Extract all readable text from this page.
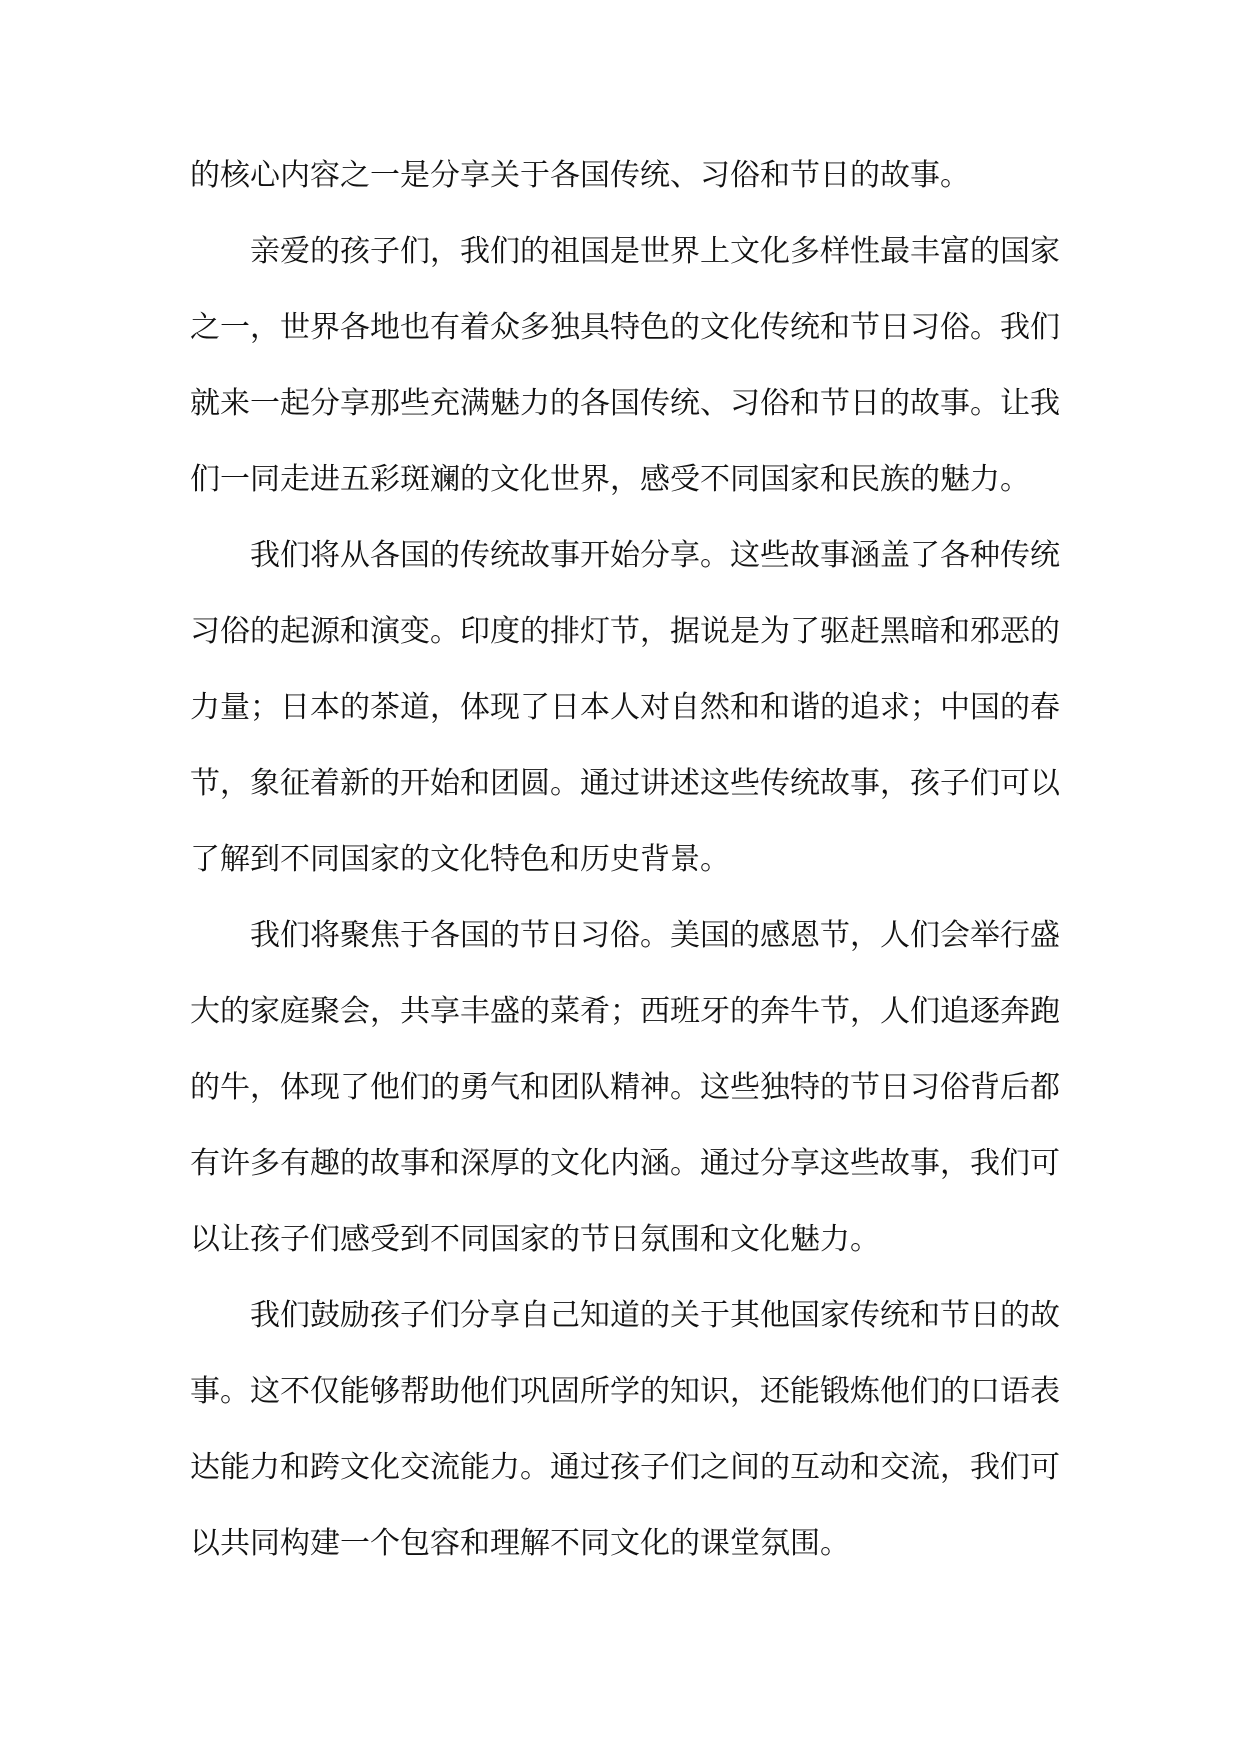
的核心内容之一是分享关于各国传统、习俗和节日的故事。

亲爱的孩子们，我们的祖国是世界上文化多样性最丰富的国家之一，世界各地也有着众多独具特色的文化传统和节日习俗。我们就来一起分享那些充满魅力的各国传统、习俗和节日的故事。让我们一同走进五彩斑斓的文化世界，感受不同国家和民族的魅力。

我们将从各国的传统故事开始分享。这些故事涵盖了各种传统习俗的起源和演变。印度的排灯节，据说是为了驱赶黑暗和邪恶的力量；日本的茶道，体现了日本人对自然和和谐的追求；中国的春节，象征着新的开始和团圆。通过讲述这些传统故事，孩子们可以了解到不同国家的文化特色和历史背景。

我们将聚焦于各国的节日习俗。美国的感恩节，人们会举行盛大的家庭聚会，共享丰盛的菜肴；西班牙的奔牛节，人们追逐奔跑的牛，体现了他们的勇气和团队精神。这些独特的节日习俗背后都有许多有趣的故事和深厚的文化内涵。通过分享这些故事，我们可以让孩子们感受到不同国家的节日氛围和文化魅力。

我们鼓励孩子们分享自己知道的关于其他国家传统和节日的故事。这不仅能够帮助他们巩固所学的知识，还能锻炼他们的口语表达能力和跨文化交流能力。通过孩子们之间的互动和交流，我们可以共同构建一个包容和理解不同文化的课堂氛围。
